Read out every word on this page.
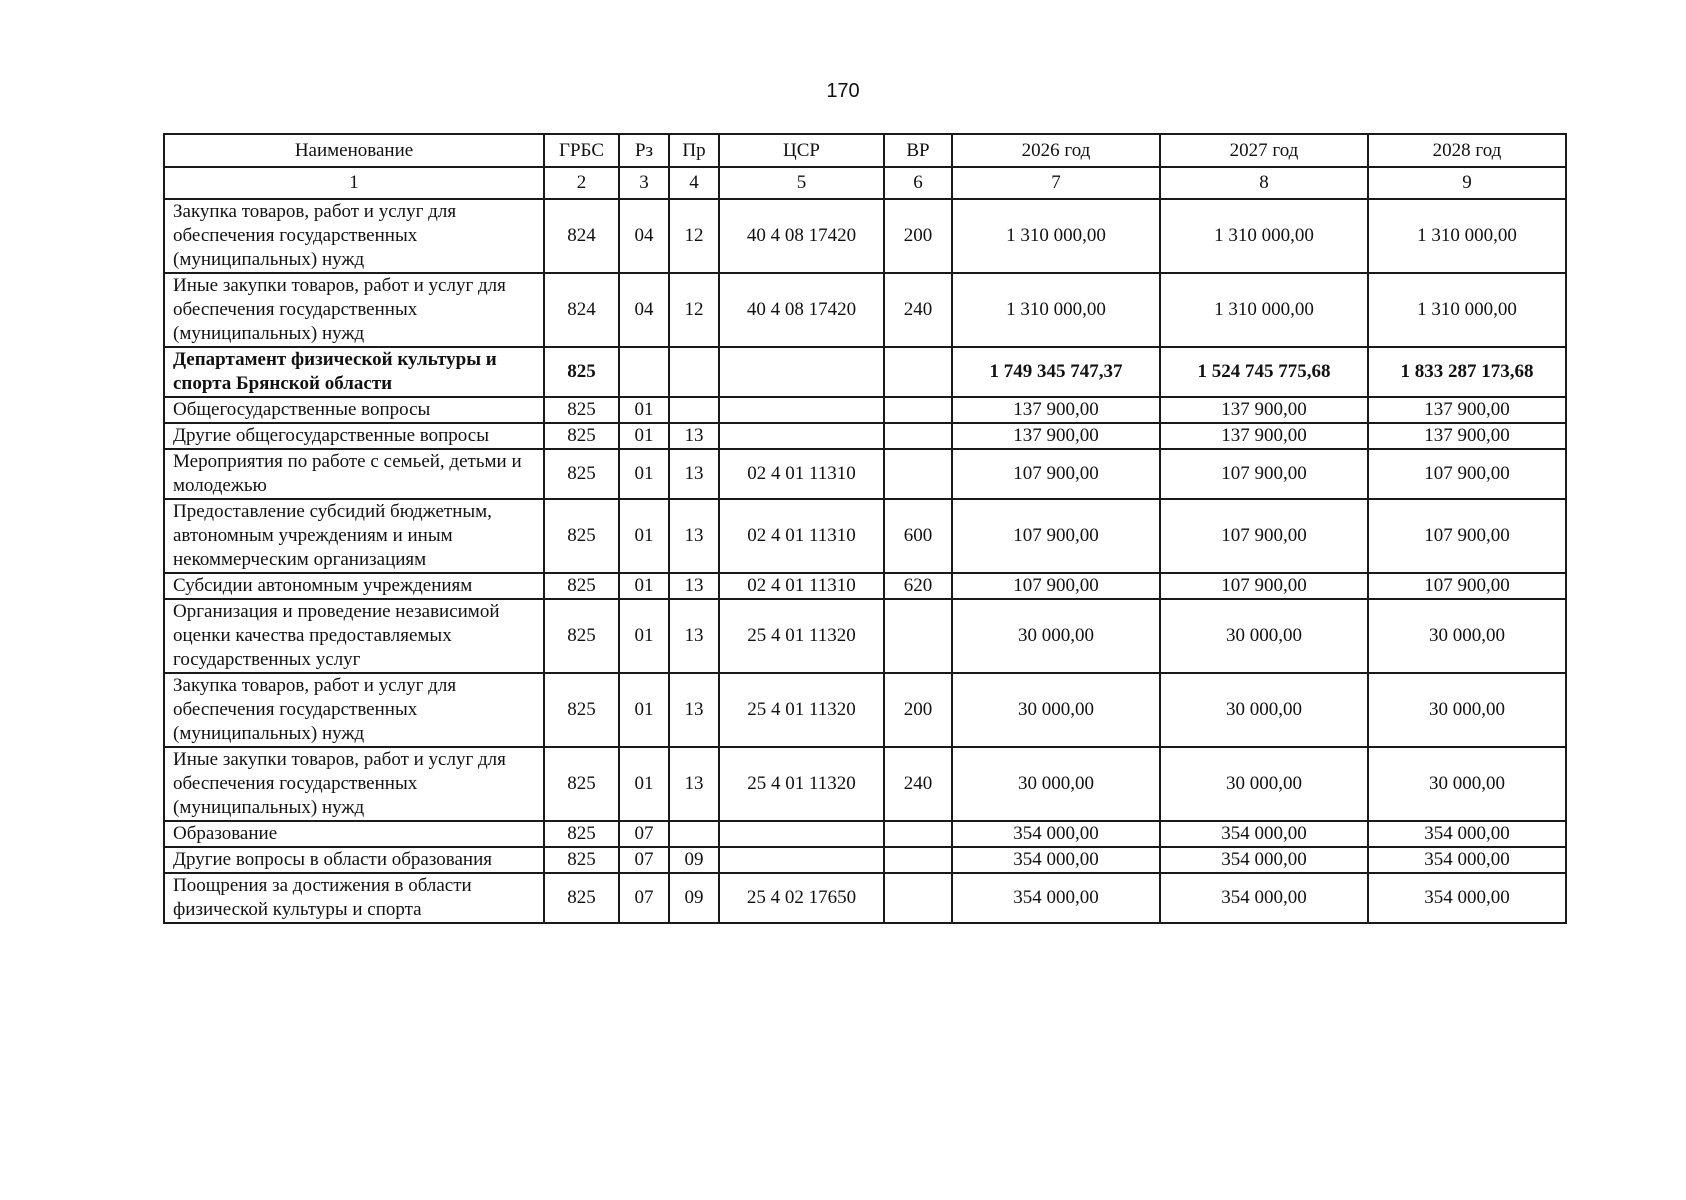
170
Наименование	ГРБС	Рз	Пр	ЦСР	ВР	2026 год	2027 год	2028 год
1	2	3	4	5	6	7	8	9
Закупка товаров, работ и услуг для обеспечения государственных (муниципальных) нужд	824	04	12	40 4 08 17420	200	1 310 000,00	1 310 000,00	1 310 000,00
Иные закупки товаров, работ и услуг для обеспечения государственных (муниципальных) нужд	824	04	12	40 4 08 17420	240	1 310 000,00	1 310 000,00	1 310 000,00
Департамент физической культуры и спорта Брянской области	825					1 749 345 747,37	1 524 745 775,68	1 833 287 173,68
Общегосударственные вопросы	825	01				137 900,00	137 900,00	137 900,00
Другие общегосударственные вопросы	825	01	13			137 900,00	137 900,00	137 900,00
Мероприятия по работе с семьей, детьми и молодежью	825	01	13	02 4 01 11310		107 900,00	107 900,00	107 900,00
Предоставление субсидий бюджетным, автономным учреждениям и иным некоммерческим организациям	825	01	13	02 4 01 11310	600	107 900,00	107 900,00	107 900,00
Субсидии автономным учреждениям	825	01	13	02 4 01 11310	620	107 900,00	107 900,00	107 900,00
Организация и проведение независимой оценки качества предоставляемых государственных услуг	825	01	13	25 4 01 11320		30 000,00	30 000,00	30 000,00
Закупка товаров, работ и услуг для обеспечения государственных (муниципальных) нужд	825	01	13	25 4 01 11320	200	30 000,00	30 000,00	30 000,00
Иные закупки товаров, работ и услуг для обеспечения государственных (муниципальных) нужд	825	01	13	25 4 01 11320	240	30 000,00	30 000,00	30 000,00
Образование	825	07				354 000,00	354 000,00	354 000,00
Другие вопросы в области образования	825	07	09			354 000,00	354 000,00	354 000,00
Поощрения за достижения в области физической культуры и спорта	825	07	09	25 4 02 17650		354 000,00	354 000,00	354 000,00
